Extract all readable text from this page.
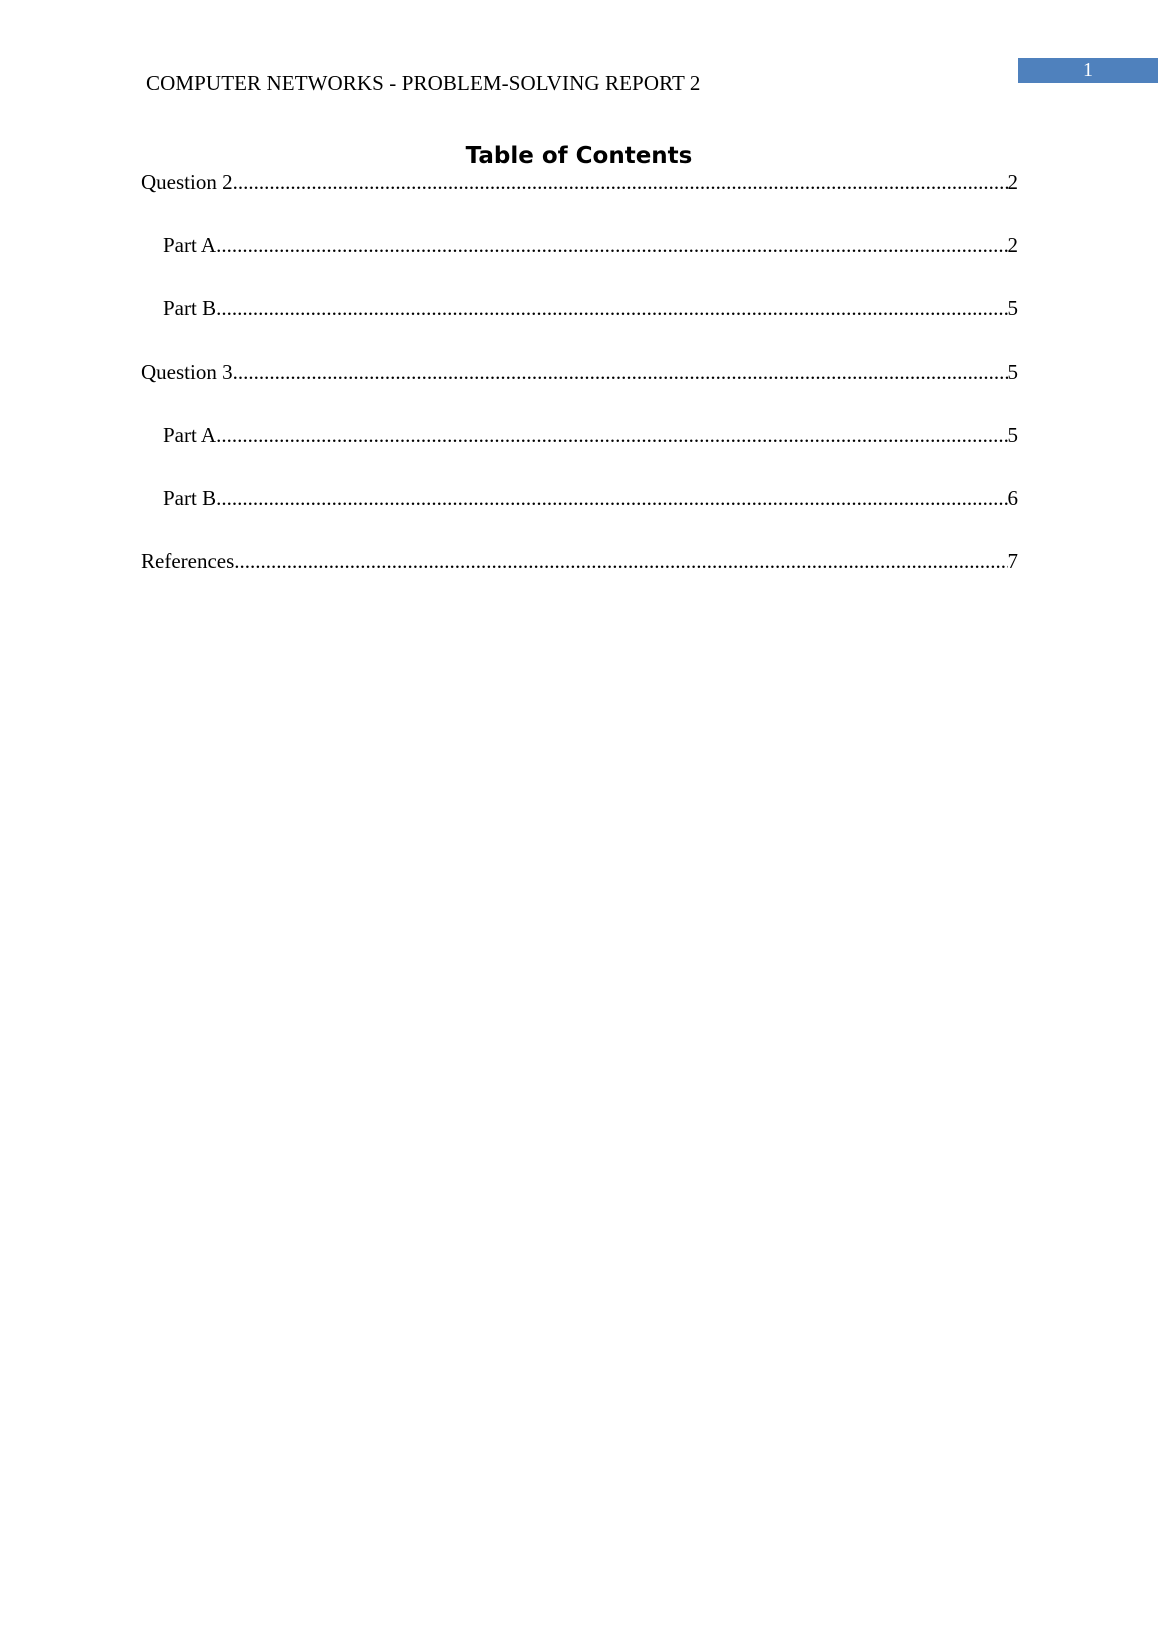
1
COMPUTER NETWORKS - PROBLEM-SOLVING REPORT 2
Table of Contents
Question 2 .....	2
Part A .....	2
Part B .....	5
Question 3 .....	5
Part A .....	5
Part B .....	6
References .....	7
